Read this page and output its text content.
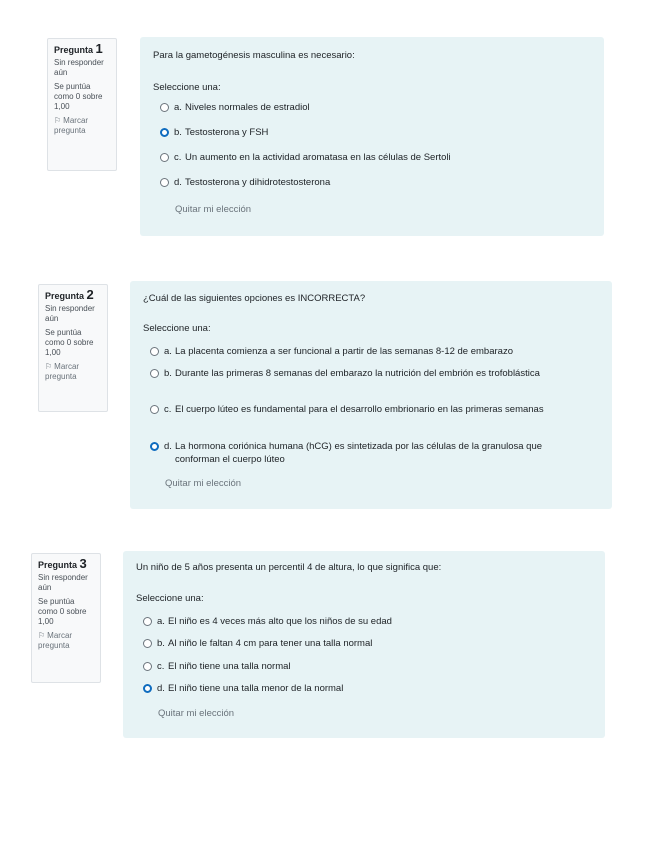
Pregunta 1
Sin responder aún
Se puntúa como 0 sobre 1,00
⚐ Marcar pregunta
Para la gametogénesis masculina es necesario:
Seleccione una:
a. Niveles normales de estradiol
b. Testosterona y FSH
c. Un aumento en la actividad aromatasa en las células de Sertoli
d. Testosterona y dihidrotestosterona
Quitar mi elección
Pregunta 2
Sin responder aún
Se puntúa como 0 sobre 1,00
⚐ Marcar pregunta
¿Cuál de las siguientes opciones es INCORRECTA?
Seleccione una:
a. La placenta comienza a ser funcional a partir de las semanas 8-12 de embarazo
b. Durante las primeras 8 semanas del embarazo la nutrición del embrión es trofoblástica
c. El cuerpo lúteo es fundamental para el desarrollo embrionario en las primeras semanas
d. La hormona coriónica humana (hCG) es sintetizada por las células de la granulosa que conforman el cuerpo lúteo
Quitar mi elección
Pregunta 3
Sin responder aún
Se puntúa como 0 sobre 1,00
⚐ Marcar pregunta
Un niño de 5 años presenta un percentil 4 de altura, lo que significa que:
Seleccione una:
a. El niño es 4 veces más alto que los niños de su edad
b. Al niño le faltan 4 cm para tener una talla normal
c. El niño tiene una talla normal
d. El niño tiene una talla menor de la normal
Quitar mi elección
